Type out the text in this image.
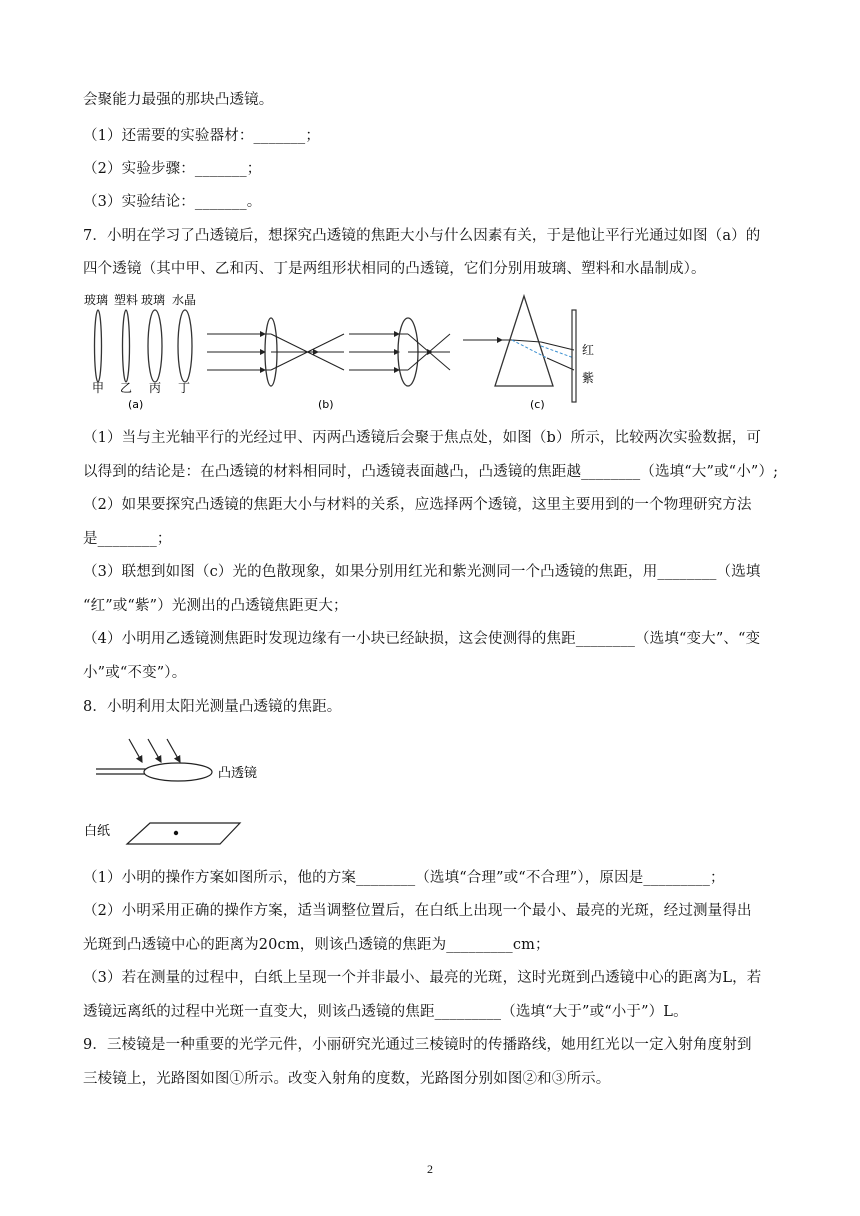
会聚能力最强的那块凸透镜。
（1）还需要的实验器材：_______；
（2）实验步骤：_______；
（3）实验结论：_______。
7．小明在学习了凸透镜后，想探究凸透镜的焦距大小与什么因素有关，于是他让平行光通过如图（a）的
四个透镜（其中甲、乙和丙、丁是两组形状相同的凸透镜，它们分别用玻璃、塑料和水晶制成）。
玻璃 塑料 玻璃 水晶
甲 乙 丙 丁
(a)	(b)
红
紫
(c)
（1）当与主光轴平行的光经过甲、丙两凸透镜后会聚于焦点处，如图（b）所示，比较两次实验数据，可
以得到的结论是：在凸透镜的材料相同时，凸透镜表面越凸，凸透镜的焦距越________（选填“大”或“小”）;
（2）如果要探究凸透镜的焦距大小与材料的关系，应选择两个透镜，这里主要用到的一个物理研究方法
是________；
（3）联想到如图（c）光的色散现象，如果分别用红光和紫光测同一个凸透镜的焦距，用________（选填
“红”或“紫”）光测出的凸透镜焦距更大；
（4）小明用乙透镜测焦距时发现边缘有一小块已经缺损，这会使测得的焦距________（选填“变大”、“变
小”或“不变”）。
8．小明利用太阳光测量凸透镜的焦距。
凸透镜
白纸
（1）小明的操作方案如图所示，他的方案________（选填“合理”或“不合理”），原因是_________；
（2）小明采用正确的操作方案，适当调整位置后，在白纸上出现一个最小、最亮的光斑，经过测量得出
光斑到凸透镜中心的距离为20cm，则该凸透镜的焦距为_________cm；
（3）若在测量的过程中，白纸上呈现一个并非最小、最亮的光斑，这时光斑到凸透镜中心的距离为L，若
透镜远离纸的过程中光斑一直变大，则该凸透镜的焦距_________（选填“大于”或“小于”）L。
9．三棱镜是一种重要的光学元件，小丽研究光通过三棱镜时的传播路线，她用红光以一定入射角度射到
三棱镜上，光路图如图①所示。改变入射角的度数，光路图分别如图②和③所示。
2
